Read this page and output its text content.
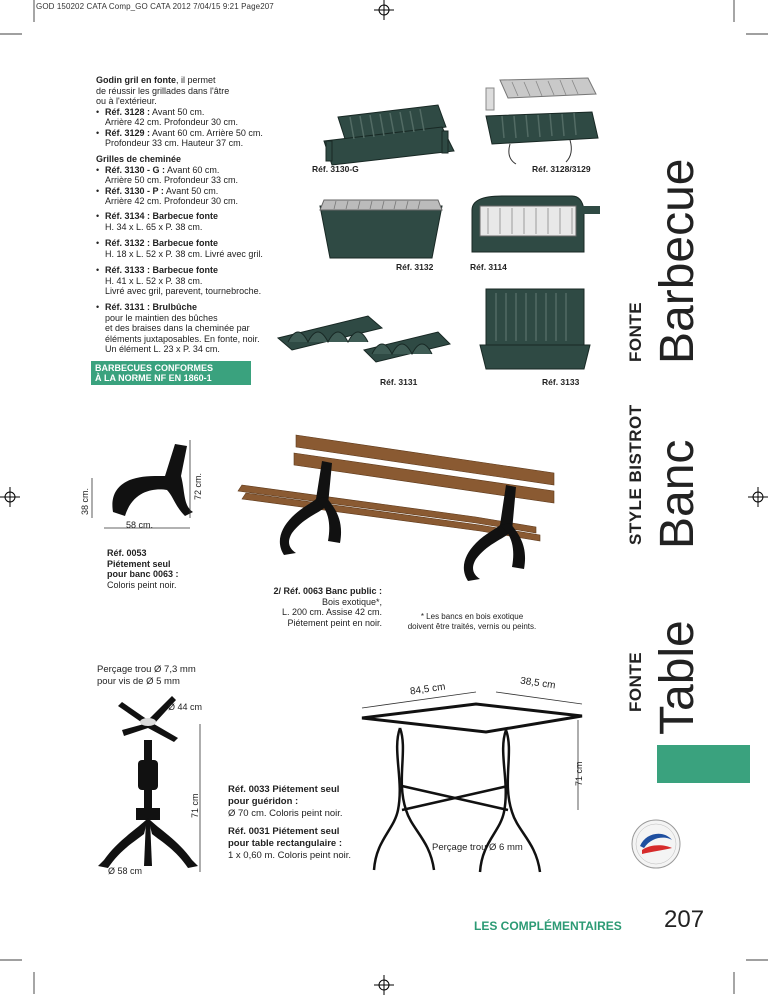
GOD 150202 CATA Comp_GO CATA 2012 7/04/15 9:21 Page207
Godin gril en fonte, il permet
de réussir les grillades dans l'âtre
ou à l'extérieur.
• Réf. 3128 : Avant 50 cm.
Arrière 42 cm. Profondeur 30 cm.
• Réf. 3129 : Avant 60 cm. Arrière 50 cm.
Profondeur 33 cm. Hauteur 37 cm.
Grilles de cheminée
• Réf. 3130 - G : Avant 60 cm.
Arrière 50 cm. Profondeur 33 cm.
• Réf. 3130 - P : Avant 50 cm.
Arrière 42 cm. Profondeur 30 cm.
• Réf. 3134 : Barbecue fonte
H. 34 x L. 65 x P. 38 cm.
• Réf. 3132 : Barbecue fonte
H. 18 x L. 52 x P. 38 cm. Livré avec gril.
• Réf. 3133 : Barbecue fonte
H. 41 x L. 52 x P. 38 cm.
Livré avec gril, parevent, tournebroche.
• Réf. 3131 : Brulbûche
pour le maintien des bûches
et des braises dans la cheminée par
éléments juxtaposables. En fonte, noir.
Un élément L. 23 x P. 34 cm.
BARBECUES CONFORMES
À LA NORME NF EN 1860-1
Réf. 3130-G	Réf. 3128/3129
Réf. 3132	Réf. 3114
Réf. 3131	Réf. 3133
FONTE Barbecue
STYLE BISTROT Banc
FONTE Table
38 cm.
72 cm.
58 cm.
Réf. 0053
Piétement seul
pour banc 0063 :
Coloris peint noir.
2/ Réf. 0063 Banc public :
Bois exotique*,
L. 200 cm. Assise 42 cm.
Piétement peint en noir.
* Les bancs en bois exotique
doivent être traités, vernis ou peints.
Perçage trou Ø 7,3 mm
pour vis de Ø 5 mm
Ø 44 cm
71 cm
Ø 58 cm
Réf. 0033 Piétement seul
pour guéridon :
Ø 70 cm. Coloris peint noir.
Réf. 0031 Piétement seul
pour table rectangulaire :
1 x 0,60 m. Coloris peint noir.
84,5 cm	38,5 cm
71 cm
Perçage trou Ø 6 mm
LES COMPLÉMENTAIRES 207
